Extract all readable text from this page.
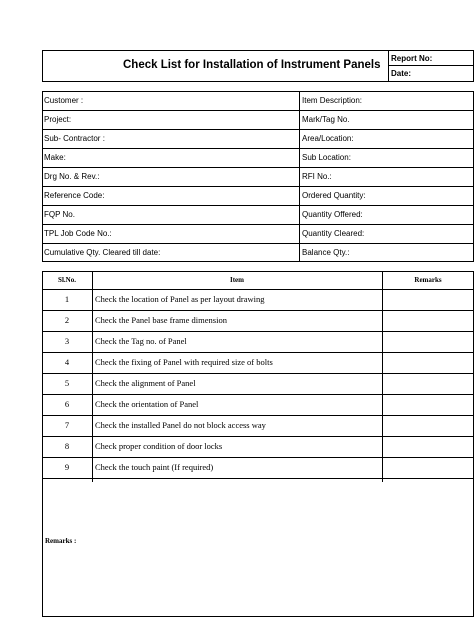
Check List for Installation of Instrument Panels
Report No:
Date:
Customer :	Item Description:
Project:	Mark/Tag No.
Sub- Contractor :	Area/Location:
Make:	Sub Location:
Drg No. & Rev.:	RFI No.:
Reference Code:	Ordered Quantity:
FQP No.	Quantity Offered:
TPL Job Code No.:	Quantity Cleared:
Cumulative Qty. Cleared till date:	Balance Qty.:
Sl.No.	Item	Remarks
1	Check the location of Panel as per layout drawing
2	Check the Panel base frame dimension
3	Check the Tag no. of Panel
4	Check the fixing of Panel with required size of bolts
5	Check the alignment of Panel
6	Check the orientation of Panel
7	Check the installed Panel do not block access way
8	Check proper condition of door locks
9	Check the touch paint (If required)
Remarks :
